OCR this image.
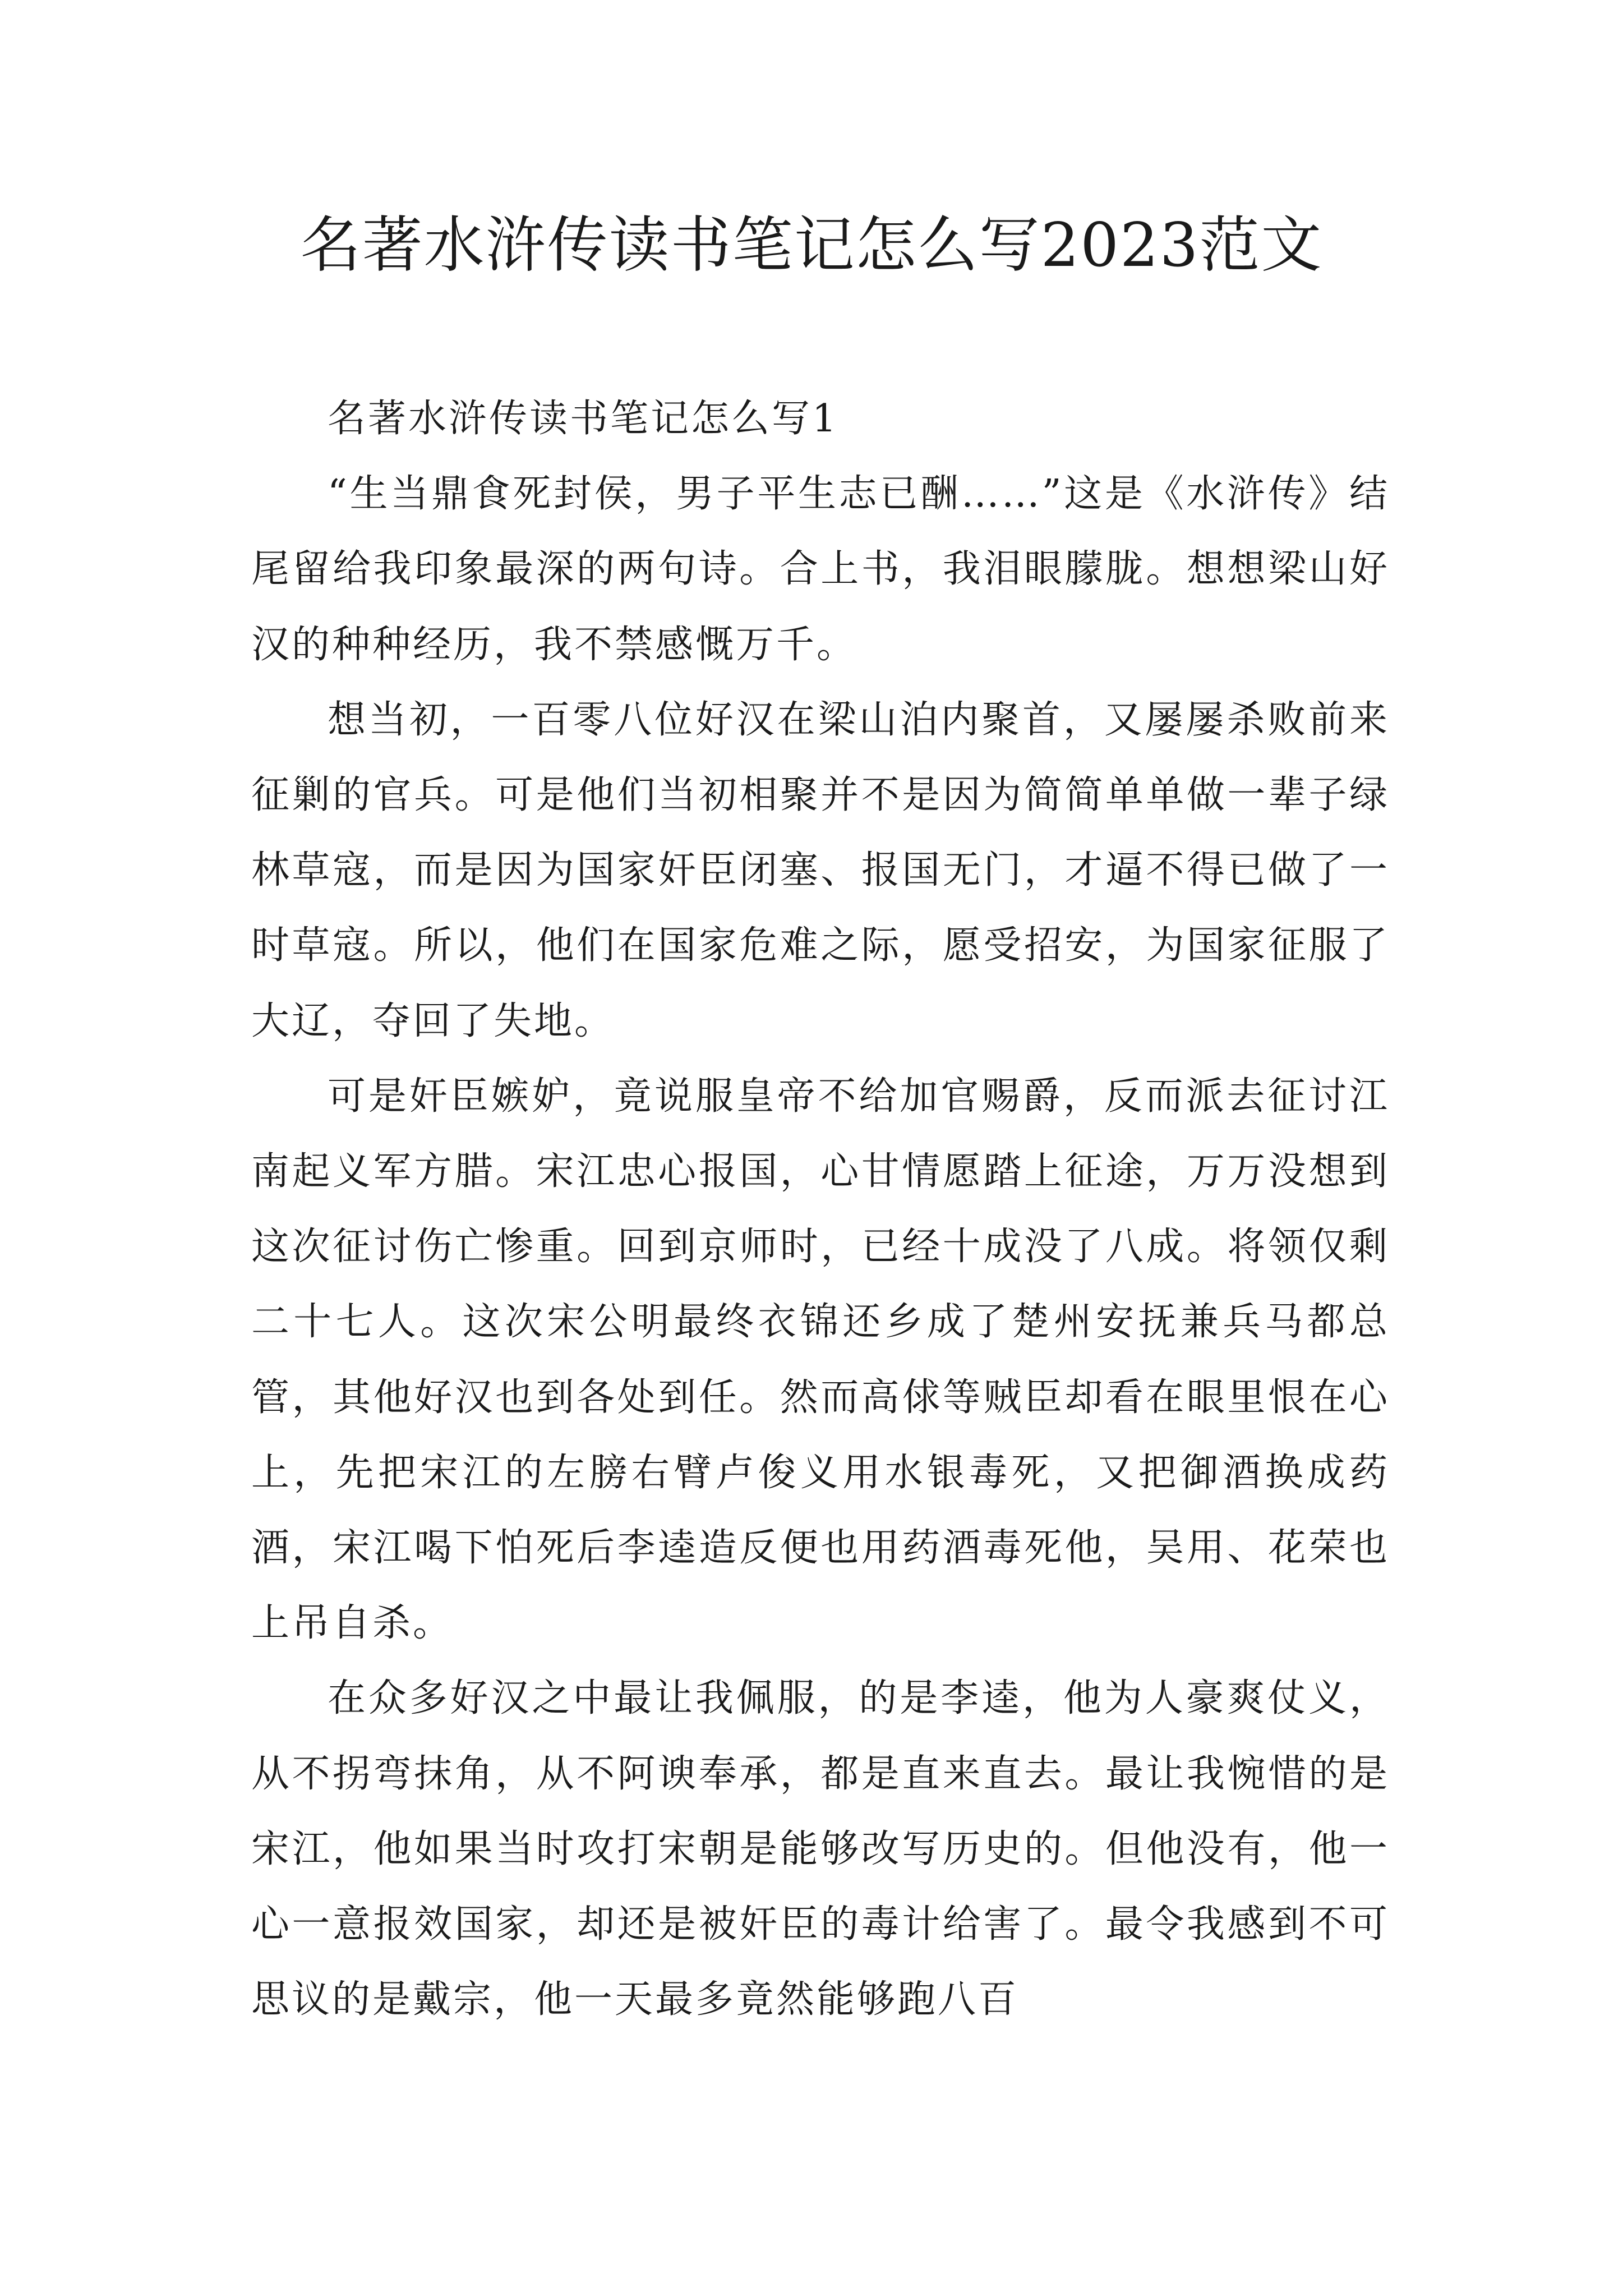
名著水浒传读书笔记怎么写2023范文

名著水浒传读书笔记怎么写1

“生当鼎食死封侯，男子平生志已酬……”这是《水浒传》结尾留给我印象最深的两句诗。合上书，我泪眼朦胧。想想梁山好汉的种种经历，我不禁感慨万千。

想当初，一百零八位好汉在梁山泊内聚首，又屡屡杀败前来征剿的官兵。可是他们当初相聚并不是因为简简单单做一辈子绿林草寇，而是因为国家奸臣闭塞、报国无门，才逼不得已做了一时草寇。所以，他们在国家危难之际，愿受招安，为国家征服了大辽，夺回了失地。

可是奸臣嫉妒，竟说服皇帝不给加官赐爵，反而派去征讨江南起义军方腊。宋江忠心报国，心甘情愿踏上征途，万万没想到这次征讨伤亡惨重。回到京师时，已经十成没了八成。将领仅剩二十七人。这次宋公明最终衣锦还乡成了楚州安抚兼兵马都总管，其他好汉也到各处到任。然而高俅等贼臣却看在眼里恨在心上，先把宋江的左膀右臂卢俊义用水银毒死，又把御酒换成药酒，宋江喝下怕死后李逵造反便也用药酒毒死他，吴用、花荣也上吊自杀。

在众多好汉之中最让我佩服，的是李逵，他为人豪爽仗义，从不拐弯抹角，从不阿谀奉承，都是直来直去。最让我惋惜的是宋江，他如果当时攻打宋朝是能够改写历史的。但他没有，他一心一意报效国家，却还是被奸臣的毒计给害了。最令我感到不可思议的是戴宗，他一天最多竟然能够跑八百
